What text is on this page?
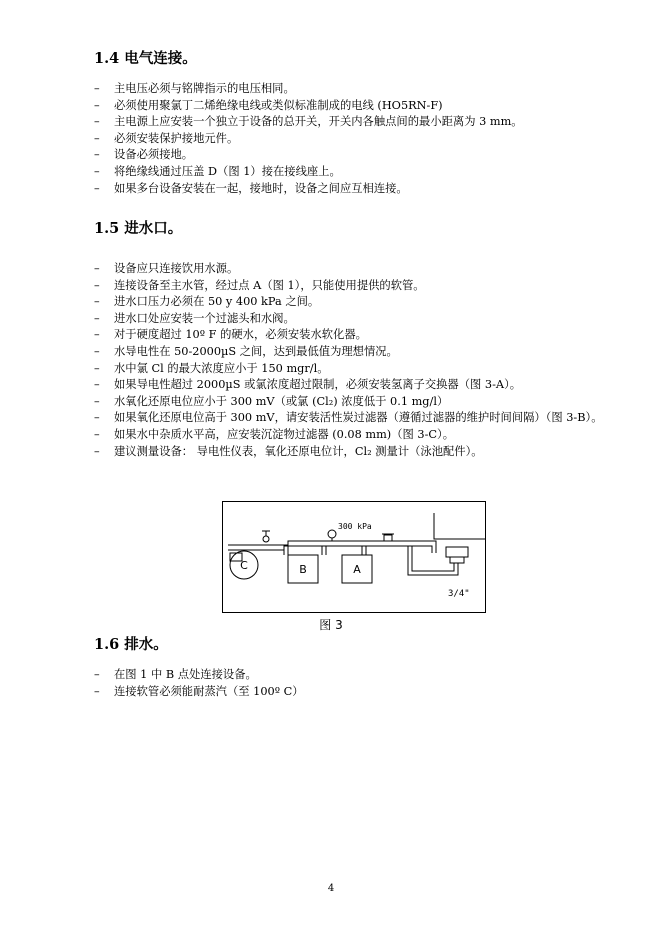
1.4 电气连接。
– 主电压必须与铭牌指示的电压相同。
– 必须使用聚氯丁二烯绝缘电线或类似标准制成的电线 (HO5RN-F)
– 主电源上应安装一个独立于设备的总开关，开关内各触点间的最小距离为 3 mm。
– 必须安装保护接地元件。
– 设备必须接地。
– 将绝缘线通过压盖 D（图 1）接在接线座上。
– 如果多台设备安装在一起，接地时，设备之间应互相连接。
1.5 进水口。
– 设备应只连接饮用水源。
– 连接设备至主水管，经过点 A（图 1），只能使用提供的软管。
– 进水口压力必须在 50 y 400 kPa 之间。
– 进水口处应安装一个过滤头和水阀。
– 对于硬度超过 10º F 的硬水，必须安装水软化器。
– 水导电性在 50-2000µS 之间，达到最低值为理想情况。
– 水中氯 Cl 的最大浓度应小于 150 mgr/l。
– 如果导电性超过 2000µS 或氯浓度超过限制，必须安装氢离子交换器（图 3-A）。
– 水氧化还原电位应小于 300 mV（或氯 (Cl₂) 浓度低于 0.1 mg/l）
– 如果氧化还原电位高于 300 mV，请安装活性炭过滤器（遵循过滤器的维护时间间隔）（图 3-B）。
– 如果水中杂质水平高，应安装沉淀物过滤器 (0.08 mm)（图 3-C）。
– 建议测量设备： 导电性仪表，氧化还原电位计，Cl₂ 测量计（泳池配件）。
C	B
300 kPa
A
3/4"
图 3
1.6 排水。
– 在图 1 中 B 点处连接设备。
– 连接软管必须能耐蒸汽（至 100º C）
4
